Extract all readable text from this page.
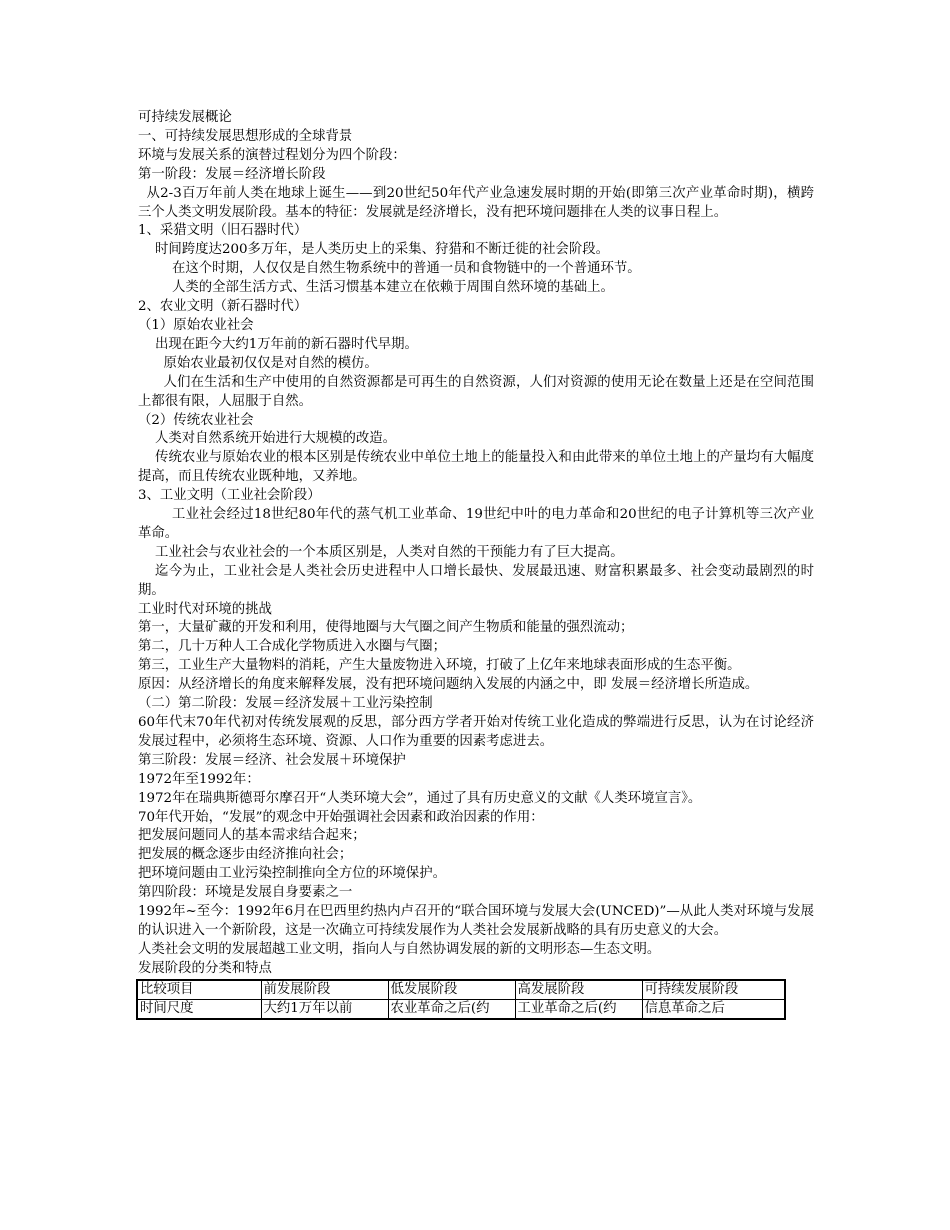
可持续发展概论

一、可持续发展思想形成的全球背景

环境与发展关系的演替过程划分为四个阶段：

第一阶段：发展＝经济增长阶段

从2-3百万年前人类在地球上诞生——到20世纪50年代产业急速发展时期的开始(即第三次产业革命时期)，横跨三个人类文明发展阶段。基本的特征：发展就是经济增长，没有把环境问题排在人类的议事日程上。

1、采猎文明（旧石器时代）

时间跨度达200多万年，是人类历史上的采集、狩猎和不断迁徙的社会阶段。

在这个时期，人仅仅是自然生物系统中的普通一员和食物链中的一个普通环节。

人类的全部生活方式、生活习惯基本建立在依赖于周围自然环境的基础上。

2、农业文明（新石器时代）

（1）原始农业社会

出现在距今大约1万年前的新石器时代早期。

原始农业最初仅仅是对自然的模仿。

人们在生活和生产中使用的自然资源都是可再生的自然资源，人们对资源的使用无论在数量上还是在空间范围上都很有限，人屈服于自然。

（2）传统农业社会

人类对自然系统开始进行大规模的改造。

传统农业与原始农业的根本区别是传统农业中单位土地上的能量投入和由此带来的单位土地上的产量均有大幅度提高，而且传统农业既种地，又养地。

3、工业文明（工业社会阶段）

工业社会经过18世纪80年代的蒸气机工业革命、19世纪中叶的电力革命和20世纪的电子计算机等三次产业革命。

工业社会与农业社会的一个本质区别是，人类对自然的干预能力有了巨大提高。

迄今为止，工业社会是人类社会历史进程中人口增长最快、发展最迅速、财富积累最多、社会变动最剧烈的时期。

工业时代对环境的挑战

第一，大量矿藏的开发和利用，使得地圈与大气圈之间产生物质和能量的强烈流动；

第二，几十万种人工合成化学物质进入水圈与气圈；

第三，工业生产大量物料的消耗，产生大量废物进入环境，打破了上亿年来地球表面形成的生态平衡。

原因：从经济增长的角度来解释发展，没有把环境问题纳入发展的内涵之中，即 发展＝经济增长所造成。

（二）第二阶段：发展＝经济发展＋工业污染控制

60年代末70年代初对传统发展观的反思，部分西方学者开始对传统工业化造成的弊端进行反思，认为在讨论经济发展过程中，必须将生态环境、资源、人口作为重要的因素考虑进去。

第三阶段：发展＝经济、社会发展＋环境保护

1972年至1992年：

1972年在瑞典斯德哥尔摩召开“人类环境大会”，通过了具有历史意义的文献《人类环境宣言》。

70年代开始，“发展”的观念中开始强调社会因素和政治因素的作用：

把发展问题同人的基本需求结合起来；

把发展的概念逐步由经济推向社会；

把环境问题由工业污染控制推向全方位的环境保护。

第四阶段：环境是发展自身要素之一

1992年~至今：1992年6月在巴西里约热内卢召开的“联合国环境与发展大会(UNCED)”—从此人类对环境与发展的认识进入一个新阶段，这是一次确立可持续发展作为人类社会发展新战略的具有历史意义的大会。

人类社会文明的发展超越工业文明，指向人与自然协调发展的新的文明形态—生态文明。

发展阶段的分类和特点

比较项目	前发展阶段	低发展阶段	高发展阶段	可持续发展阶段
时间尺度	大约1万年以前	农业革命之后(约	工业革命之后(约	信息革命之后
